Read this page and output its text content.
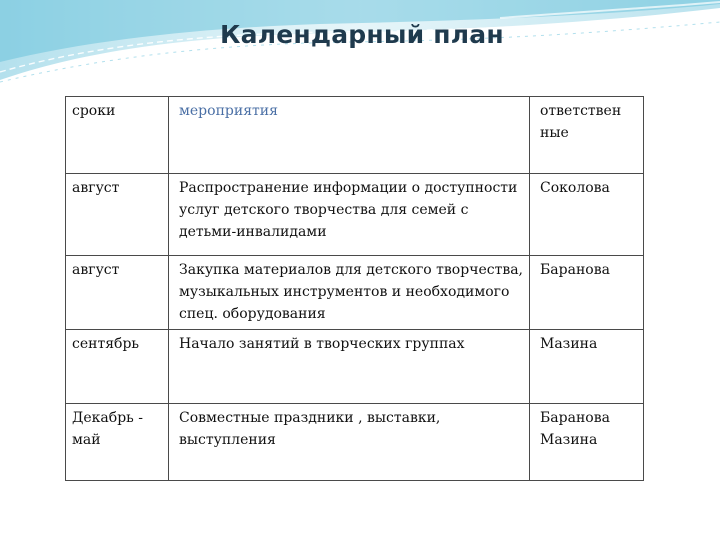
Календарный план
сроки	мероприятия	ответствен ные
август	Распространение информации о доступности услуг детского творчества для семей с детьми-инвалидами	Соколова
август	Закупка материалов для детского творчества, музыкальных инструментов и необходимого спец. оборудования	Баранова
сентябрь	Начало занятий в творческих группах	Мазина
Декабрь - май	Совместные праздники , выставки, выступления	Баранова Мазина
